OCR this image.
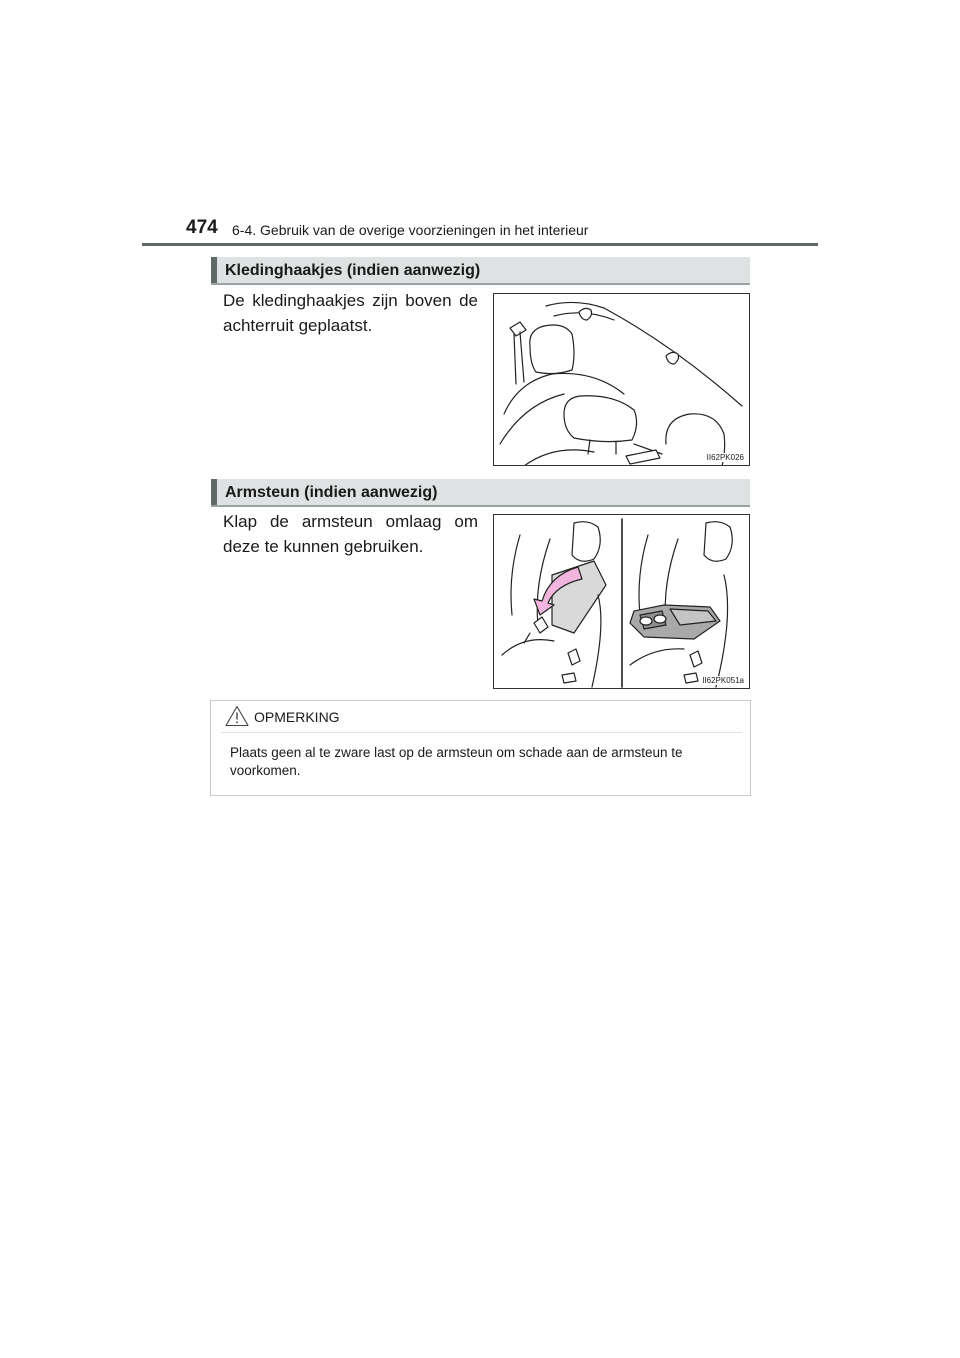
474 6-4. Gebruik van de overige voorzieningen in het interieur
Kledinghaakjes (indien aanwezig)
De kledinghaakjes zijn boven de achterruit geplaatst.
II62PK026
Armsteun (indien aanwezig)
Klap de armsteun omlaag om deze te kunnen gebruiken.
II62PK051a
OPMERKING
Plaats geen al te zware last op de armsteun om schade aan de armsteun te voorkomen.
